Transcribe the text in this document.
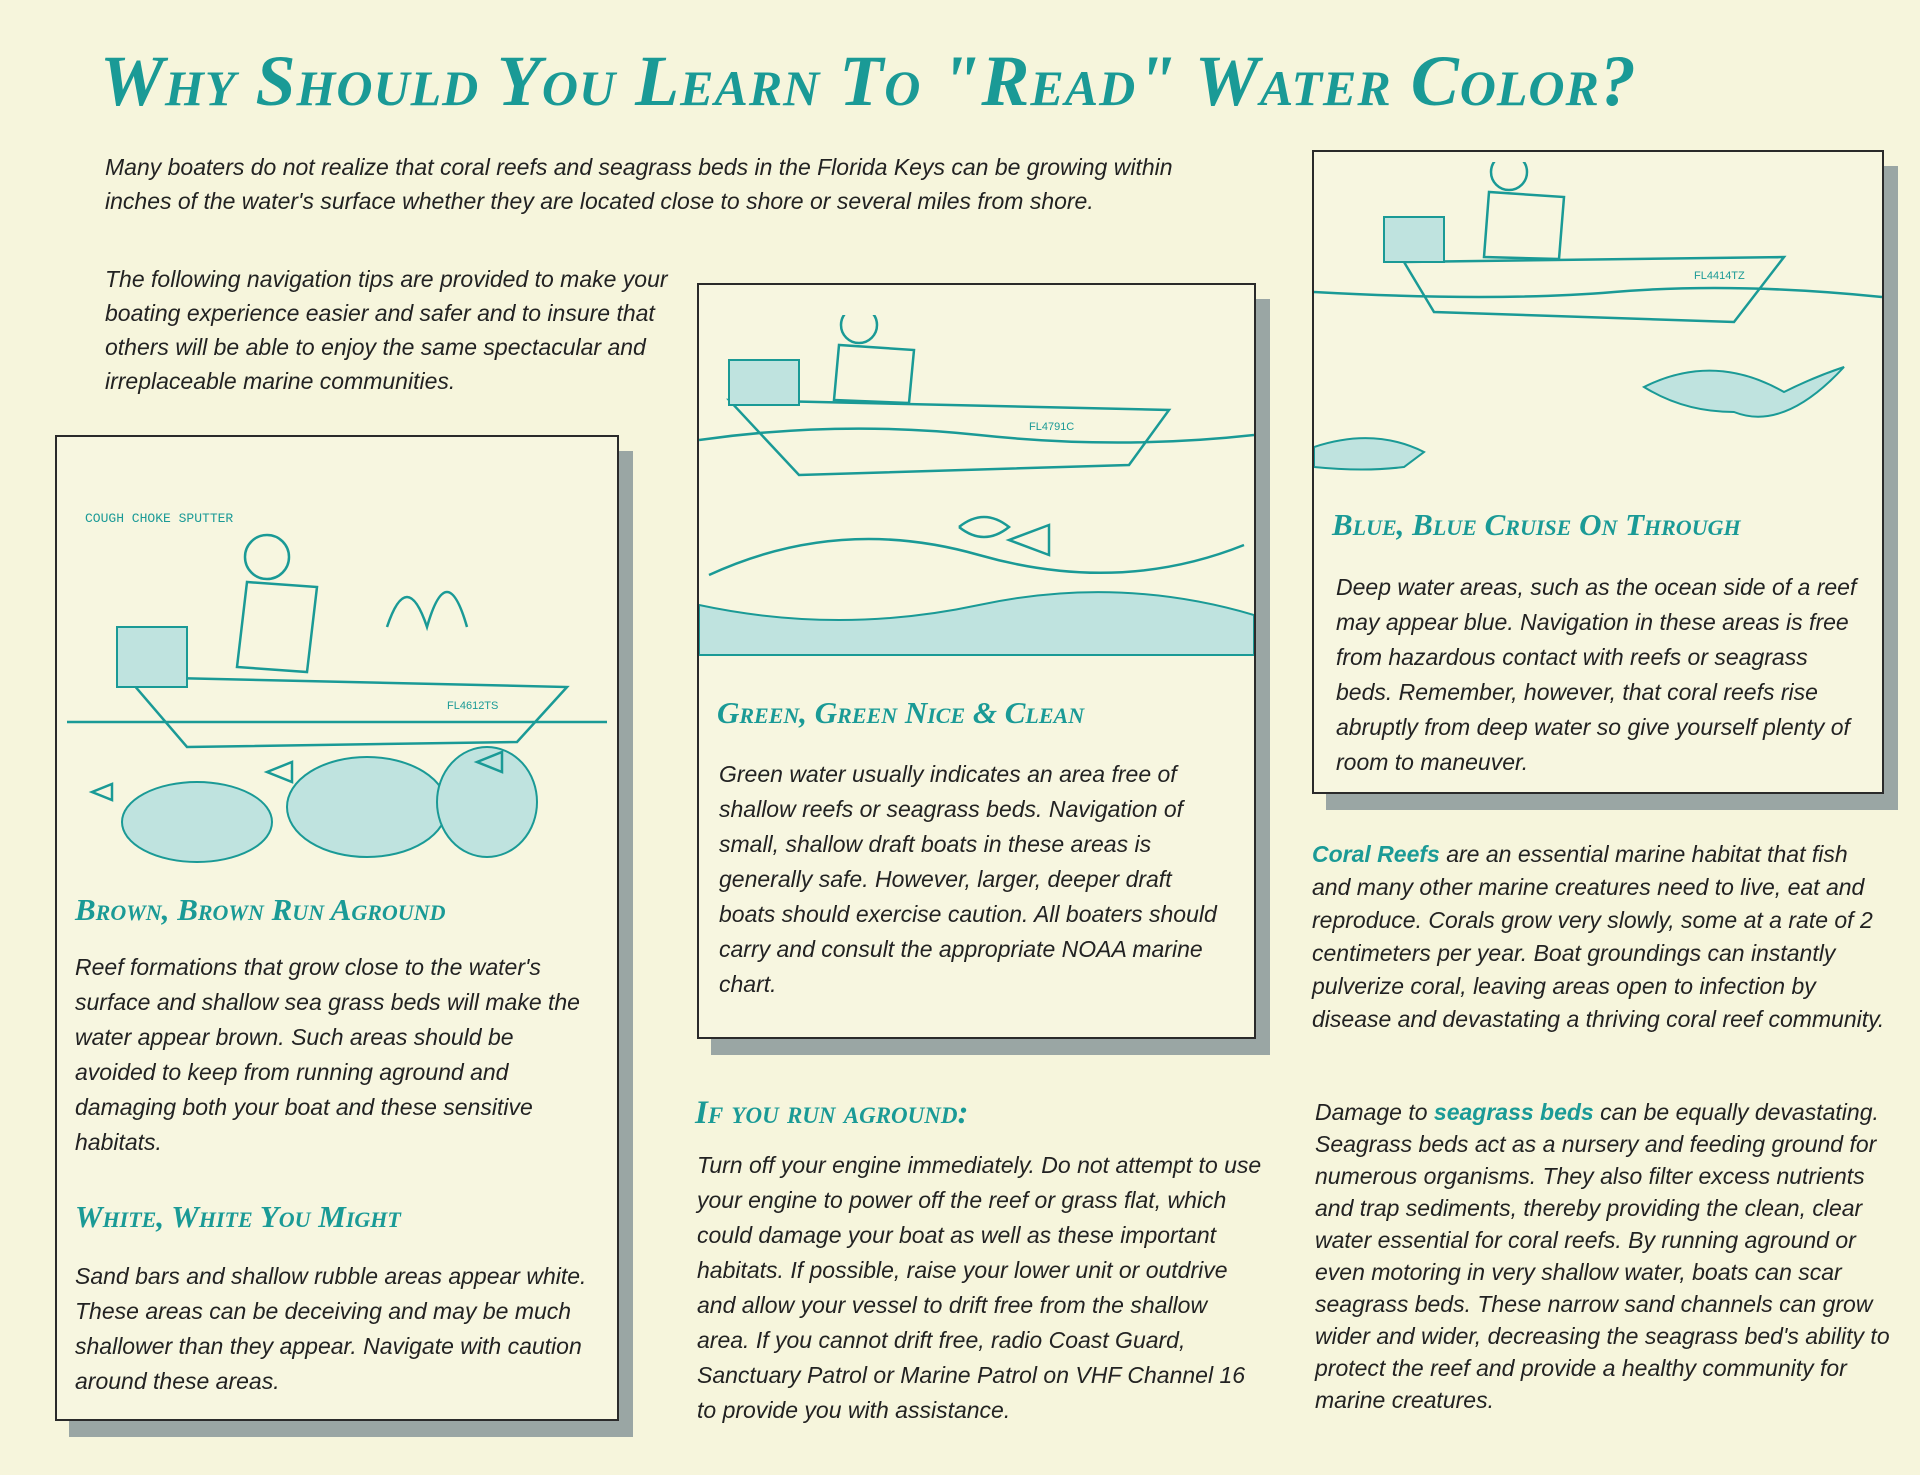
Why Should You Learn To "Read" Water Color?
Many boaters do not realize that coral reefs and seagrass beds in the Florida Keys can be growing within inches of the water's surface whether they are located close to shore or several miles from shore.
The following navigation tips are provided to make your boating experience easier and safer and to insure that others will be able to enjoy the same spectacular and irreplaceable marine communities.
COUGH CHOKE SPUTTER
FL4612TS
Brown, Brown Run Aground
Reef formations that grow close to the water's surface and shallow sea grass beds will make the water appear brown. Such areas should be avoided to keep from running aground and damaging both your boat and these sensitive habitats.
White, White You Might
Sand bars and shallow rubble areas appear white. These areas can be deceiving and may be much shallower than they appear. Navigate with caution around these areas.
FL4791C
Green, Green Nice & Clean
Green water usually indicates an area free of shallow reefs or seagrass beds. Navigation of small, shallow draft boats in these areas is generally safe. However, larger, deeper draft boats should exercise caution. All boaters should carry and consult the appropriate NOAA marine chart.
If you run aground:
Turn off your engine immediately. Do not attempt to use your engine to power off the reef or grass flat, which could damage your boat as well as these important habitats. If possible, raise your lower unit or outdrive and allow your vessel to drift free from the shallow area. If you cannot drift free, radio Coast Guard, Sanctuary Patrol or Marine Patrol on VHF Channel 16 to provide you with assistance.
FL4414TZ
Blue, Blue Cruise On Through
Deep water areas, such as the ocean side of a reef may appear blue. Navigation in these areas is free from hazardous contact with reefs or seagrass beds. Remember, however, that coral reefs rise abruptly from deep water so give yourself plenty of room to maneuver.
Coral Reefs are an essential marine habitat that fish and many other marine creatures need to live, eat and reproduce. Corals grow very slowly, some at a rate of 2 centimeters per year. Boat groundings can instantly pulverize coral, leaving areas open to infection by disease and devastating a thriving coral reef community.
Damage to seagrass beds can be equally devastating. Seagrass beds act as a nursery and feeding ground for numerous organisms. They also filter excess nutrients and trap sediments, thereby providing the clean, clear water essential for coral reefs. By running aground or even motoring in very shallow water, boats can scar seagrass beds. These narrow sand channels can grow wider and wider, decreasing the seagrass bed's ability to protect the reef and provide a healthy community for marine creatures.
